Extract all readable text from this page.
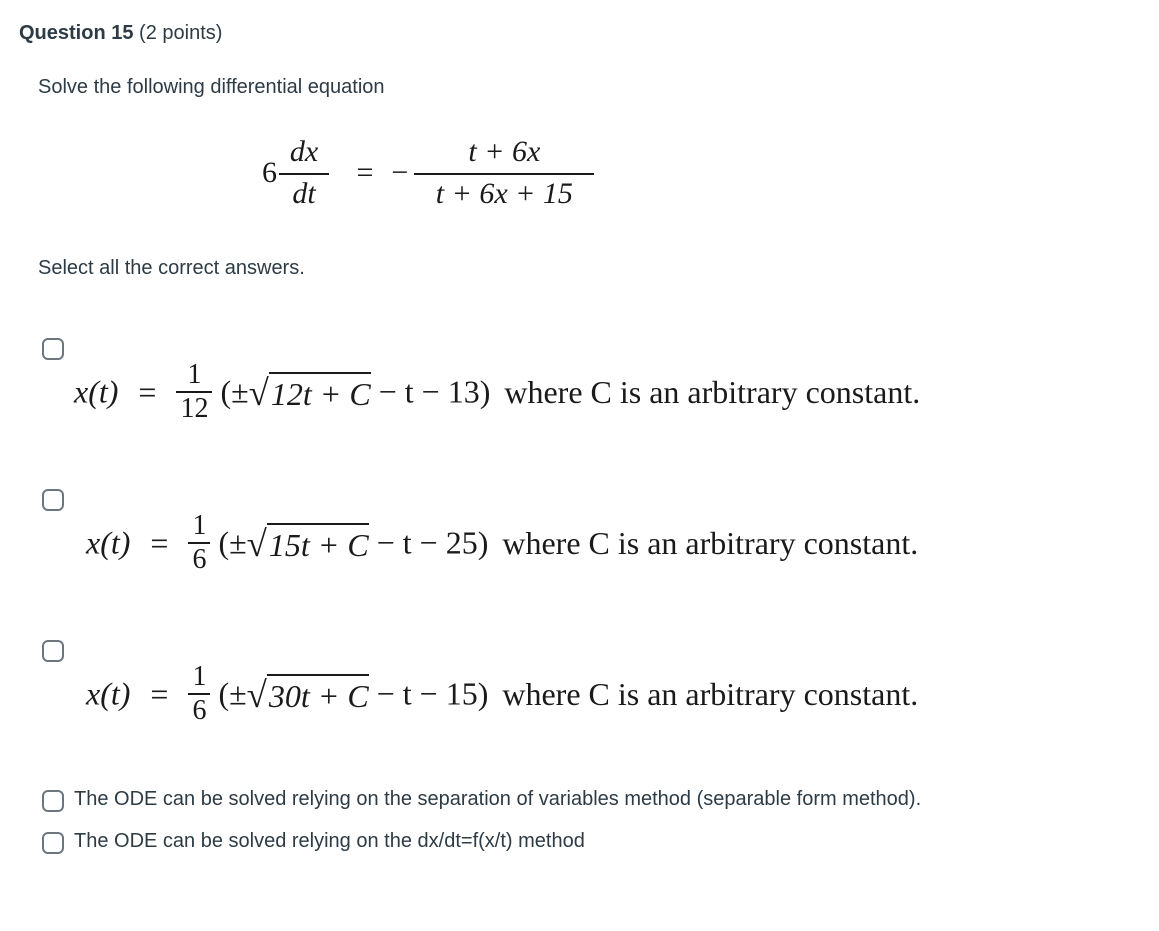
Question 15 (2 points)
Solve the following differential equation
$6 \frac{dx}{dt}$ = − $\frac{t + 6x}{t + 6x + 15}$
Select all the correct answers.
$x(t) = \frac{1}{12} (\pm√12t + C - t - 13)$ where C is an arbitrary constant.
$x(t) = \frac{1}{6} (\pm√15t + C - t - 25)$ where C is an arbitrary constant.
$x(t) = \frac{1}{6} (\pm√30t + C - t - 15)$ where C is an arbitrary constant.
The ODE can be solved relying on the separation of variables method (separable form method).
The ODE can be solved relying on the dx/dt=f(x/t) method
